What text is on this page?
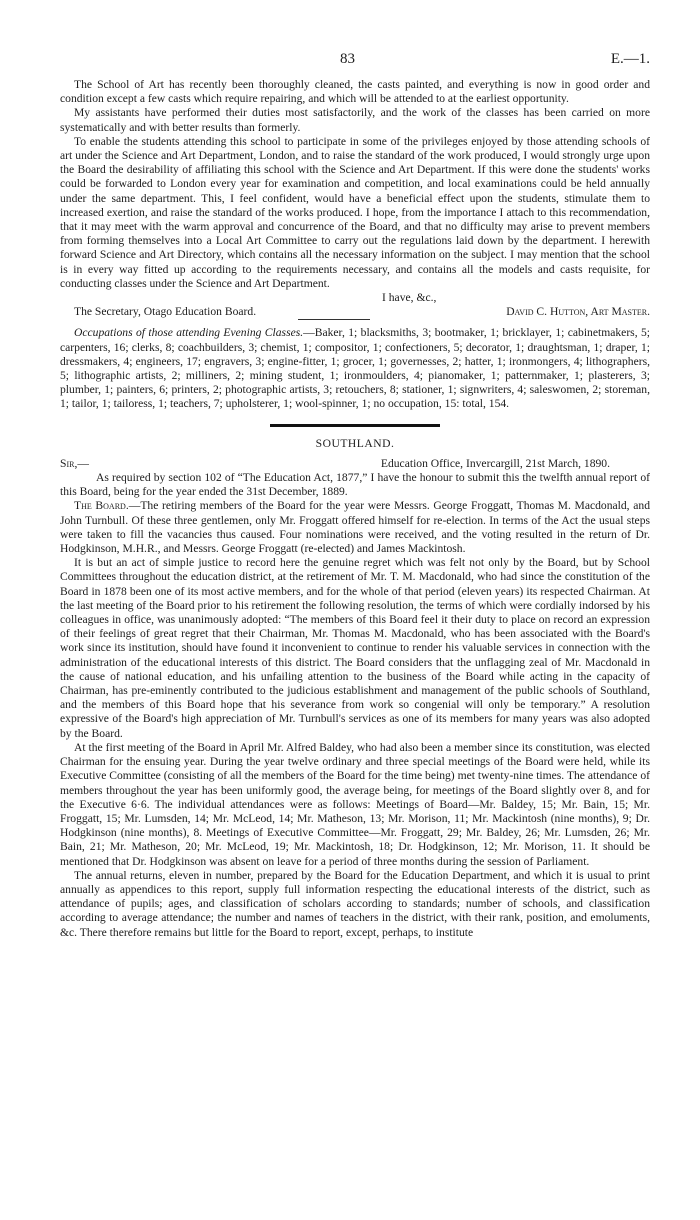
83	E.—1.

The School of Art has recently been thoroughly cleaned, the casts painted, and everything is now in good order and condition except a few casts which require repairing, and which will be attended to at the earliest opportunity.

My assistants have performed their duties most satisfactorily, and the work of the classes has been carried on more systematically and with better results than formerly.

To enable the students attending this school to participate in some of the privileges enjoyed by those attending schools of art under the Science and Art Department, London, and to raise the standard of the work produced, I would strongly urge upon the Board the desirability of affiliating this school with the Science and Art Department. If this were done the students' works could be forwarded to London every year for examination and competition, and local examinations could be held annually under the same department. This, I feel confident, would have a beneficial effect upon the students, stimulate them to increased exertion, and raise the standard of the works produced. I hope, from the importance I attach to this recommendation, that it may meet with the warm approval and concurrence of the Board, and that no difficulty may arise to prevent members from forming themselves into a Local Art Committee to carry out the regulations laid down by the department. I herewith forward Science and Art Directory, which contains all the necessary information on the subject. I may mention that the school is in every way fitted up according to the requirements necessary, and contains all the models and casts requisite, for conducting classes under the Science and Art Department.

I have, &c.,
The Secretary, Otago Education Board.	David C. Hutton, Art Master.

Occupations of those attending Evening Classes.—Baker, 1; blacksmiths, 3; bootmaker, 1; bricklayer, 1; cabinetmakers, 5; carpenters, 16; clerks, 8; coachbuilders, 3; chemist, 1; compositor, 1; confectioners, 5; decorator, 1; draughtsman, 1; draper, 1; dressmakers, 4; engineers, 17; engravers, 3; engine-fitter, 1; grocer, 1; governesses, 2; hatter, 1; ironmongers, 4; lithographers, 5; lithographic artists, 2; milliners, 2; mining student, 1; ironmoulders, 4; pianomaker, 1; patternmaker, 1; plasterers, 3; plumber, 1; painters, 6; printers, 2; photographic artists, 3; retouchers, 8; stationer, 1; signwriters, 4; saleswomen, 2; storeman, 1; tailor, 1; tailoress, 1; teachers, 7; upholsterer, 1; wool-spinner, 1; no occupation, 15: total, 154.

SOUTHLAND.

Sir,—	Education Office, Invercargill, 21st March, 1890.

As required by section 102 of “The Education Act, 1877,” I have the honour to submit this the twelfth annual report of this Board, being for the year ended the 31st December, 1889.

The Board.—The retiring members of the Board for the year were Messrs. George Froggatt, Thomas M. Macdonald, and John Turnbull. Of these three gentlemen, only Mr. Froggatt offered himself for re-election. In terms of the Act the usual steps were taken to fill the vacancies thus caused. Four nominations were received, and the voting resulted in the return of Dr. Hodgkinson, M.H.R., and Messrs. George Froggatt (re-elected) and James Mackintosh.

It is but an act of simple justice to record here the genuine regret which was felt not only by the Board, but by School Committees throughout the education district, at the retirement of Mr. T. M. Macdonald, who had since the constitution of the Board in 1878 been one of its most active members, and for the whole of that period (eleven years) its respected Chairman. At the last meeting of the Board prior to his retirement the following resolution, the terms of which were cordially indorsed by his colleagues in office, was unanimously adopted: “The members of this Board feel it their duty to place on record an expression of their feelings of great regret that their Chairman, Mr. Thomas M. Macdonald, who has been associated with the Board's work since its institution, should have found it inconvenient to continue to render his valuable services in connection with the administration of the educational interests of this district. The Board considers that the unflagging zeal of Mr. Macdonald in the cause of national education, and his unfailing attention to the business of the Board while acting in the capacity of Chairman, has pre-eminently contributed to the judicious establishment and management of the public schools of Southland, and the members of this Board hope that his severance from work so congenial will only be temporary.” A resolution expressive of the Board's high appreciation of Mr. Turnbull's services as one of its members for many years was also adopted by the Board.

At the first meeting of the Board in April Mr. Alfred Baldey, who had also been a member since its constitution, was elected Chairman for the ensuing year. During the year twelve ordinary and three special meetings of the Board were held, while its Executive Committee (consisting of all the members of the Board for the time being) met twenty-nine times. The attendance of members throughout the year has been uniformly good, the average being, for meetings of the Board slightly over 8, and for the Executive 6·6. The individual attendances were as follows: Meetings of Board—Mr. Baldey, 15; Mr. Bain, 15; Mr. Froggatt, 15; Mr. Lumsden, 14; Mr. McLeod, 14; Mr. Matheson, 13; Mr. Morison, 11; Mr. Mackintosh (nine months), 9; Dr. Hodgkinson (nine months), 8. Meetings of Executive Committee—Mr. Froggatt, 29; Mr. Baldey, 26; Mr. Lumsden, 26; Mr. Bain, 21; Mr. Matheson, 20; Mr. McLeod, 19; Mr. Mackintosh, 18; Dr. Hodgkinson, 12; Mr. Morison, 11. It should be mentioned that Dr. Hodgkinson was absent on leave for a period of three months during the session of Parliament.

The annual returns, eleven in number, prepared by the Board for the Education Department, and which it is usual to print annually as appendices to this report, supply full information respecting the educational interests of the district, such as attendance of pupils; ages, and classification of scholars according to standards; number of schools, and classification according to average attendance; the number and names of teachers in the district, with their rank, position, and emoluments, &c. There therefore remains but little for the Board to report, except, perhaps, to institute
